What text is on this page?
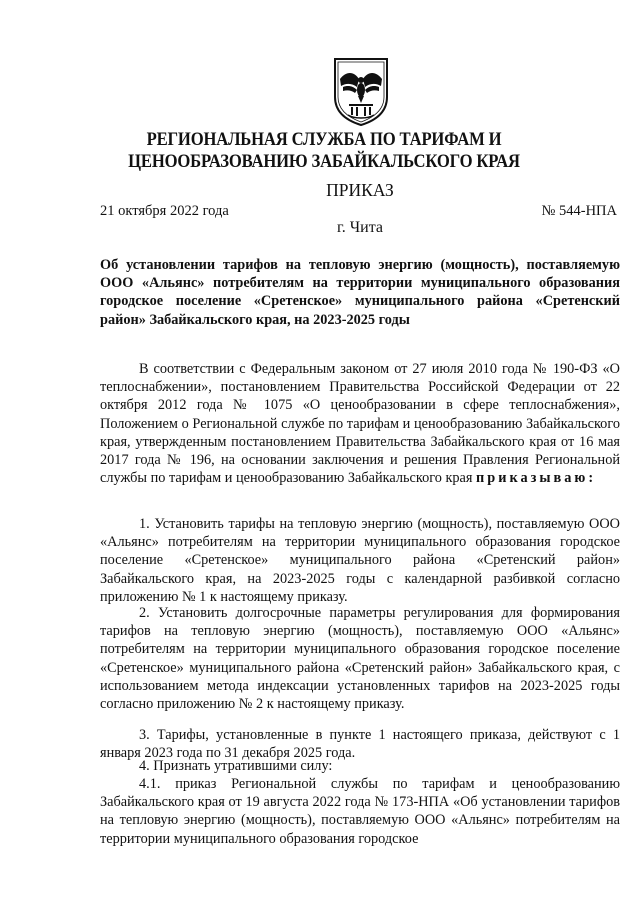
РЕГИОНАЛЬНАЯ СЛУЖБА ПО ТАРИФАМ И
ЦЕНООБРАЗОВАНИЮ ЗАБАЙКАЛЬСКОГО КРАЯ
ПРИКАЗ
21 октября 2022 года	№ 544-НПА
г. Чита
Об установлении тарифов на тепловую энергию (мощность), поставляемую ООО «Альянс» потребителям на территории муниципального образования городское поселение «Сретенское» муниципального района «Сретенский район» Забайкальского края, на 2023-2025 годы
В соответствии с Федеральным законом от 27 июля 2010 года № 190-ФЗ «О теплоснабжении», постановлением Правительства Российской Федерации от 22 октября 2012 года № 1075 «О ценообразовании в сфере теплоснабжения», Положением о Региональной службе по тарифам и ценообразованию Забайкальского края, утвержденным постановлением Правительства Забайкальского края от 16 мая 2017 года № 196, на основании заключения и решения Правления Региональной службы по тарифам и ценообразованию Забайкальского края приказываю:
1. Установить тарифы на тепловую энергию (мощность), поставляемую ООО «Альянс» потребителям на территории муниципального образования городское поселение «Сретенское» муниципального района «Сретенский район» Забайкальского края, на 2023-2025 годы с календарной разбивкой согласно приложению № 1 к настоящему приказу.
2. Установить долгосрочные параметры регулирования для формирования тарифов на тепловую энергию (мощность), поставляемую ООО «Альянс» потребителям на территории муниципального образования городское поселение «Сретенское» муниципального района «Сретенский район» Забайкальского края, с использованием метода индексации установленных тарифов на 2023-2025 годы согласно приложению № 2 к настоящему приказу.
3. Тарифы, установленные в пункте 1 настоящего приказа, действуют с 1 января 2023 года по 31 декабря 2025 года.
4. Признать утратившими силу:
4.1. приказ Региональной службы по тарифам и ценообразованию Забайкальского края от 19 августа 2022 года № 173-НПА «Об установлении тарифов на тепловую энергию (мощность), поставляемую ООО «Альянс» потребителям на территории муниципального образования городское
